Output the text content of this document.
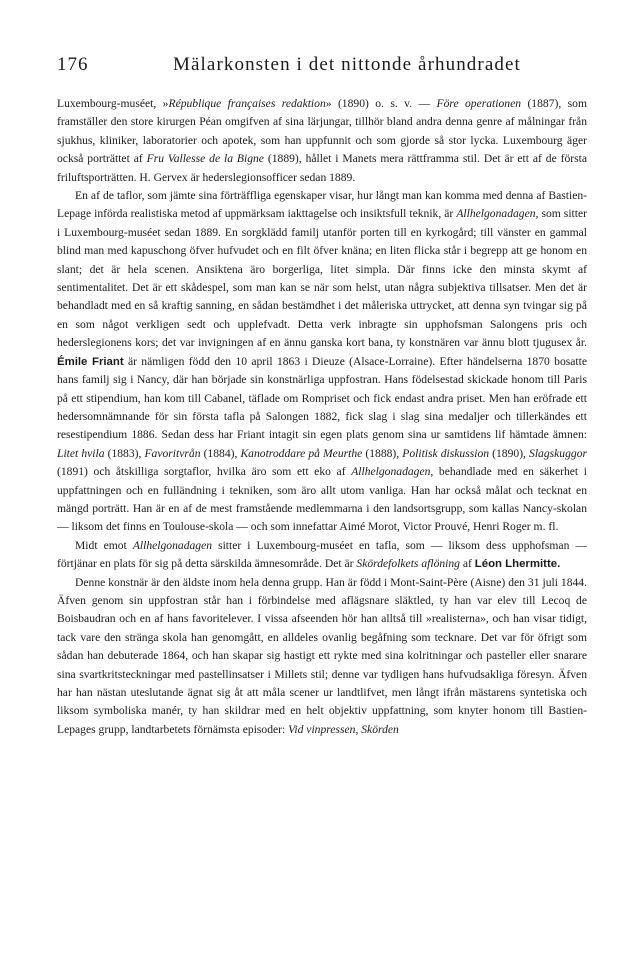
176	Mälarkonsten i det nittonde århundradet

Luxembourg-muséet, »République françaises redaktion» (1890) o. s. v. — Före operationen (1887), som framställer den store kirurgen Péan omgifven af sina lärjungar, tillhör bland andra denna genre af målningar från sjukhus, kliniker, laboratorier och apotek, som han uppfunnit och som gjorde så stor lycka. Luxembourg äger också porträttet af Fru Vallesse de la Bigne (1889), hållet i Manets mera rättframma stil. Det är ett af de första friluftsporträtten. H. Gervex är hederslegionsofficer sedan 1889.

En af de taflor, som jämte sina förträffliga egenskaper visar, hur långt man kan komma med denna af Bastien-Lepage införda realistiska metod af uppmärksam iakttagelse och insiktsfull teknik, är Allhelgonadagen, som sitter i Luxembourg-muséet sedan 1889. En sorgklädd familj utanför porten till en kyrkogård; till vänster en gammal blind man med kapuschong öfver hufvudet och en filt öfver knäna; en liten flicka står i begrepp att ge honom en slant; det är hela scenen. Ansiktena äro borgerliga, litet simpla. Där finns icke den minsta skymt af sentimentalitet. Det är ett skådespel, som man kan se när som helst, utan några subjektiva tillsatser. Men det är behandladt med en så kraftig sanning, en sådan bestämdhet i det måleriska uttrycket, att denna syn tvingar sig på en som något verkligen sedt och upplefvadt. Detta verk inbragte sin upphofsman Salongens pris och hederslegionens kors; det var invigningen af en ännu ganska kort bana, ty konstnären var ännu blott tjugusex år. Émile Friant är nämligen född den 10 april 1863 i Dieuze (Alsace-Lorraine). Efter händelserna 1870 bosatte hans familj sig i Nancy, där han började sin konstnärliga uppfostran. Hans födelsestad skickade honom till Paris på ett stipendium, han kom till Cabanel, täflade om Rompriset och fick endast andra priset. Men han eröfrade ett hedersomnämnande för sin första tafla på Salongen 1882, fick slag i slag sina medaljer och tillerkändes ett resestipendium 1886. Sedan dess har Friant intagit sin egen plats genom sina ur samtidens lif hämtade ämnen: Litet hvila (1883), Favoritvrån (1884), Kanotroddare på Meurthe (1888), Politisk diskussion (1890), Slagskuggor (1891) och åtskilliga sorgtaflor, hvilka äro som ett eko af Allhelgonadagen, behandlade med en säkerhet i uppfattningen och en fulländning i tekniken, som äro allt utom vanliga. Han har också målat och tecknat en mängd porträtt. Han är en af de mest framstående medlemmarna i den landsortsgrupp, som kallas Nancy-skolan — liksom det finns en Toulouse-skola — och som innefattar Aimé Morot, Victor Prouvé, Henri Roger m. fl.

Midt emot Allhelgonadagen sitter i Luxembourg-muséet en tafla, som — liksom dess upphofsman — förtjänar en plats för sig på detta särskilda ämnesområde. Det är Skördefolkets aflöning af Léon Lhermitte.

Denne konstnär är den äldste inom hela denna grupp. Han är född i Mont-Saint-Père (Aisne) den 31 juli 1844. Äfven genom sin uppfostran står han i förbindelse med aflägsnare släktled, ty han var elev till Lecoq de Boisbaudran och en af hans favoritelever. I vissa afseenden hör han alltså till »realisterna», och han visar tidigt, tack vare den stränga skola han genomgått, en alldeles ovanlig begåfning som tecknare. Det var för öfrigt som sådan han debuterade 1864, och han skapar sig hastigt ett rykte med sina kolritningar och pasteller eller snarare sina svartkritsteckningar med pastellinsatser i Millets stil; denne var tydligen hans hufvudsakliga föresyn. Äfven har han nästan uteslutande ägnat sig åt att måla scener ur landtlifvet, men långt ifrån mästarens syntetiska och liksom symboliska manér, ty han skildrar med en helt objektiv uppfattning, som knyter honom till Bastien-Lepages grupp, landtarbetets förnämsta episoder: Vid vinpressen, Skörden
